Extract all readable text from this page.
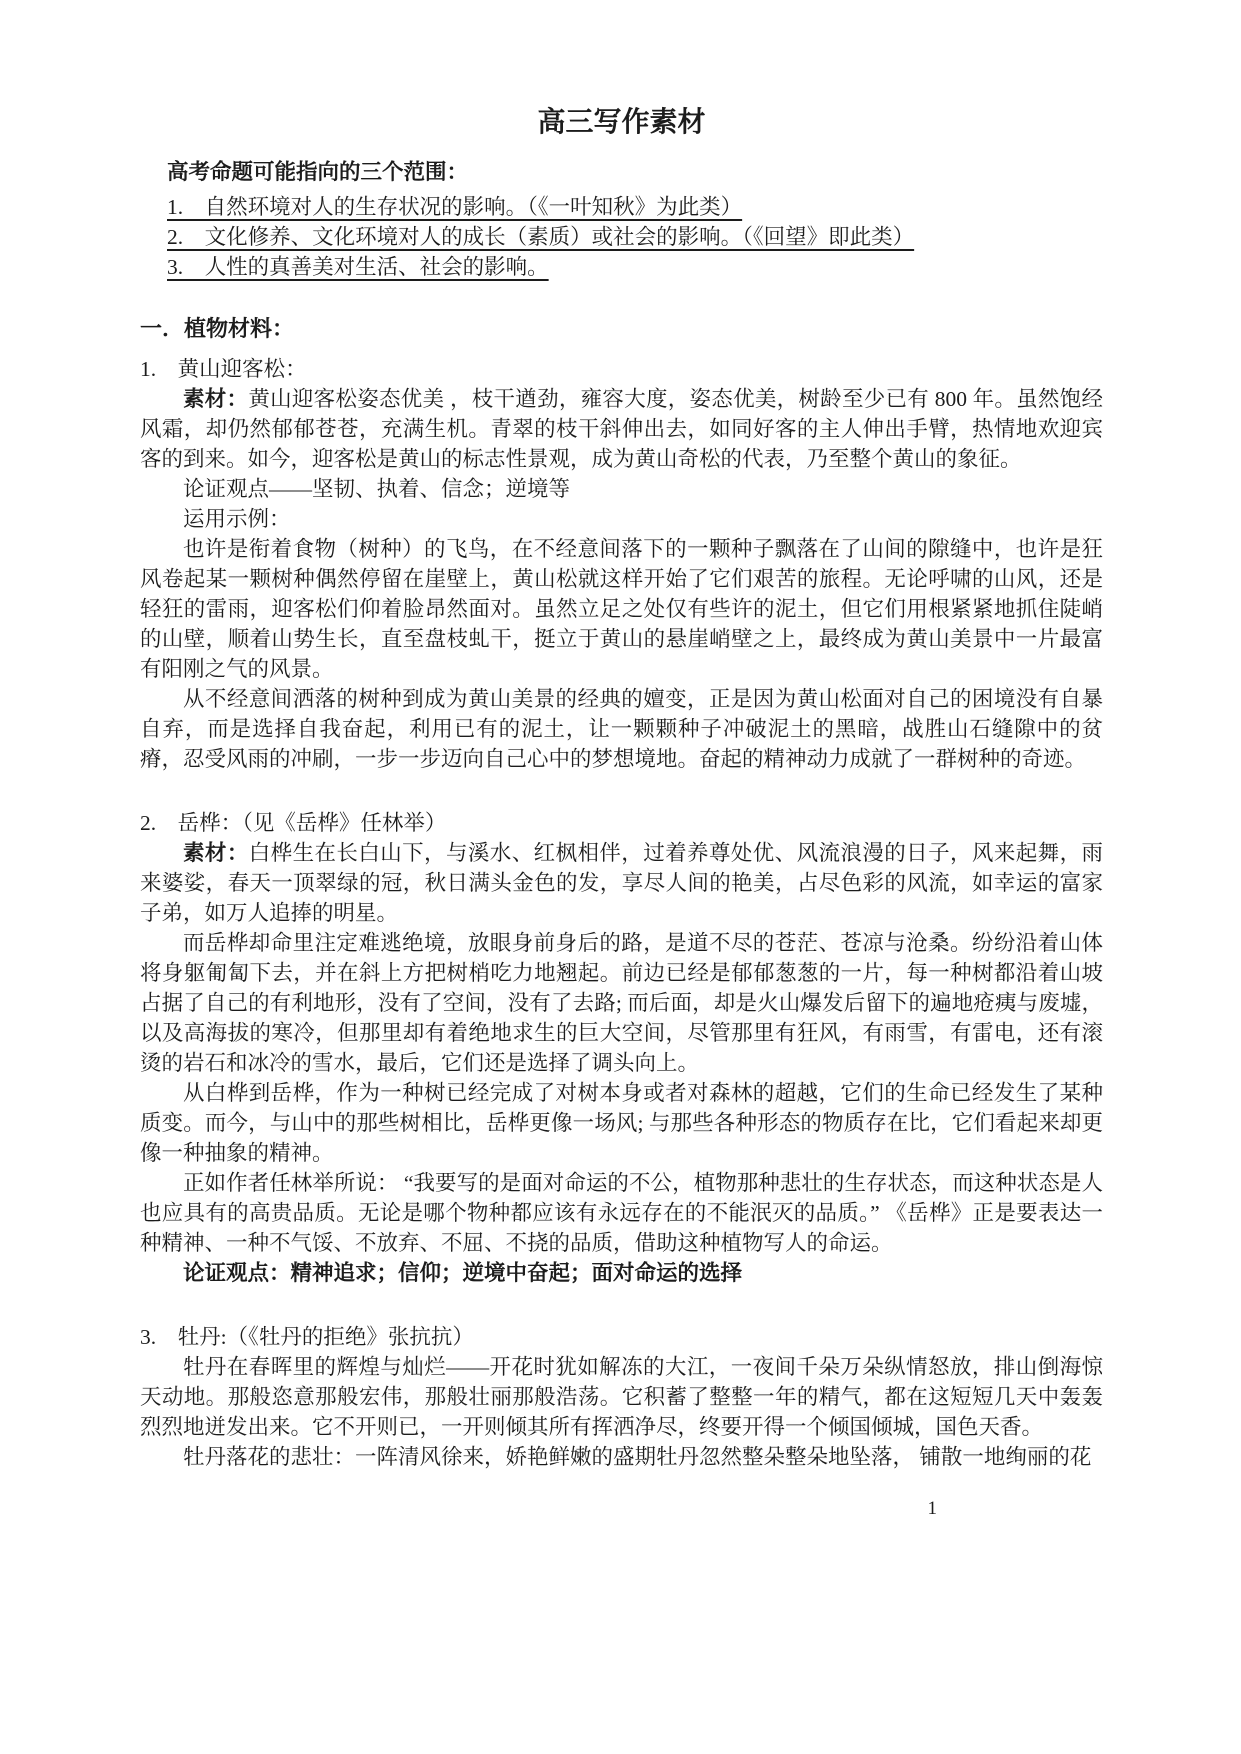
高三写作素材

高考命题可能指向的三个范围：

1.　自然环境对人的生存状况的影响。（《一叶知秋》为此类）

2.　文化修养、文化环境对人的成长（素质）或社会的影响。（《回望》即此类）

3.　人性的真善美对生活、社会的影响。

一．植物材料：

1.　黄山迎客松：

素材：黄山迎客松姿态优美 ，枝干遒劲，雍容大度，姿态优美，树龄至少已有 800 年。虽然饱经风霜，却仍然郁郁苍苍，充满生机。青翠的枝干斜伸出去，如同好客的主人伸出手臂，热情地欢迎宾客的到来。如今，迎客松是黄山的标志性景观，成为黄山奇松的代表，乃至整个黄山的象征。

论证观点——坚韧、执着、信念；逆境等

运用示例：

也许是衔着食物（树种）的飞鸟，在不经意间落下的一颗种子飘落在了山间的隙缝中，也许是狂风卷起某一颗树种偶然停留在崖壁上，黄山松就这样开始了它们艰苦的旅程。无论呼啸的山风，还是轻狂的雷雨，迎客松们仰着脸昂然面对。虽然立足之处仅有些许的泥土，但它们用根紧紧地抓住陡峭的山壁，顺着山势生长，直至盘枝虬干，挺立于黄山的悬崖峭壁之上，最终成为黄山美景中一片最富有阳刚之气的风景。

从不经意间洒落的树种到成为黄山美景的经典的嬗变，正是因为黄山松面对自己的困境没有自暴自弃，而是选择自我奋起，利用已有的泥土，让一颗颗种子冲破泥土的黑暗，战胜山石缝隙中的贫瘠，忍受风雨的冲刷，一步一步迈向自己心中的梦想境地。奋起的精神动力成就了一群树种的奇迹。

2.　岳桦：（见《岳桦》任林举）

素材：白桦生在长白山下，与溪水、红枫相伴，过着养尊处优、风流浪漫的日子，风来起舞，雨来婆娑，春天一顶翠绿的冠，秋日满头金色的发，享尽人间的艳美，占尽色彩的风流，如幸运的富家子弟，如万人追捧的明星。

而岳桦却命里注定难逃绝境，放眼身前身后的路，是道不尽的苍茫、苍凉与沧桑。纷纷沿着山体将身躯匍匐下去，并在斜上方把树梢吃力地翘起。前边已经是郁郁葱葱的一片，每一种树都沿着山坡占据了自己的有利地形，没有了空间，没有了去路; 而后面，却是火山爆发后留下的遍地疮痍与废墟，以及高海拔的寒冷，但那里却有着绝地求生的巨大空间，尽管那里有狂风，有雨雪，有雷电，还有滚烫的岩石和冰冷的雪水，最后，它们还是选择了调头向上。

从白桦到岳桦，作为一种树已经完成了对树本身或者对森林的超越，它们的生命已经发生了某种质变。而今，与山中的那些树相比，岳桦更像一场风; 与那些各种形态的物质存在比，它们看起来却更像一种抽象的精神。

正如作者任林举所说： “我要写的是面对命运的不公，植物那种悲壮的生存状态，而这种状态是人也应具有的高贵品质。无论是哪个物种都应该有永远存在的不能泯灭的品质。” 《岳桦》正是要表达一种精神、一种不气馁、不放弃、不屈、不挠的品质，借助这种植物写人的命运。

论证观点：精神追求；信仰；逆境中奋起；面对命运的选择

3.　牡丹:（《牡丹的拒绝》张抗抗）

牡丹在春晖里的辉煌与灿烂——开花时犹如解冻的大江，一夜间千朵万朵纵情怒放，排山倒海惊天动地。那般恣意那般宏伟，那般壮丽那般浩荡。它积蓄了整整一年的精气，都在这短短几天中轰轰烈烈地迸发出来。它不开则已，一开则倾其所有挥洒净尽，终要开得一个倾国倾城，国色天香。

牡丹落花的悲壮：一阵清风徐来，娇艳鲜嫩的盛期牡丹忽然整朵整朵地坠落， 铺散一地绚丽的花

1
